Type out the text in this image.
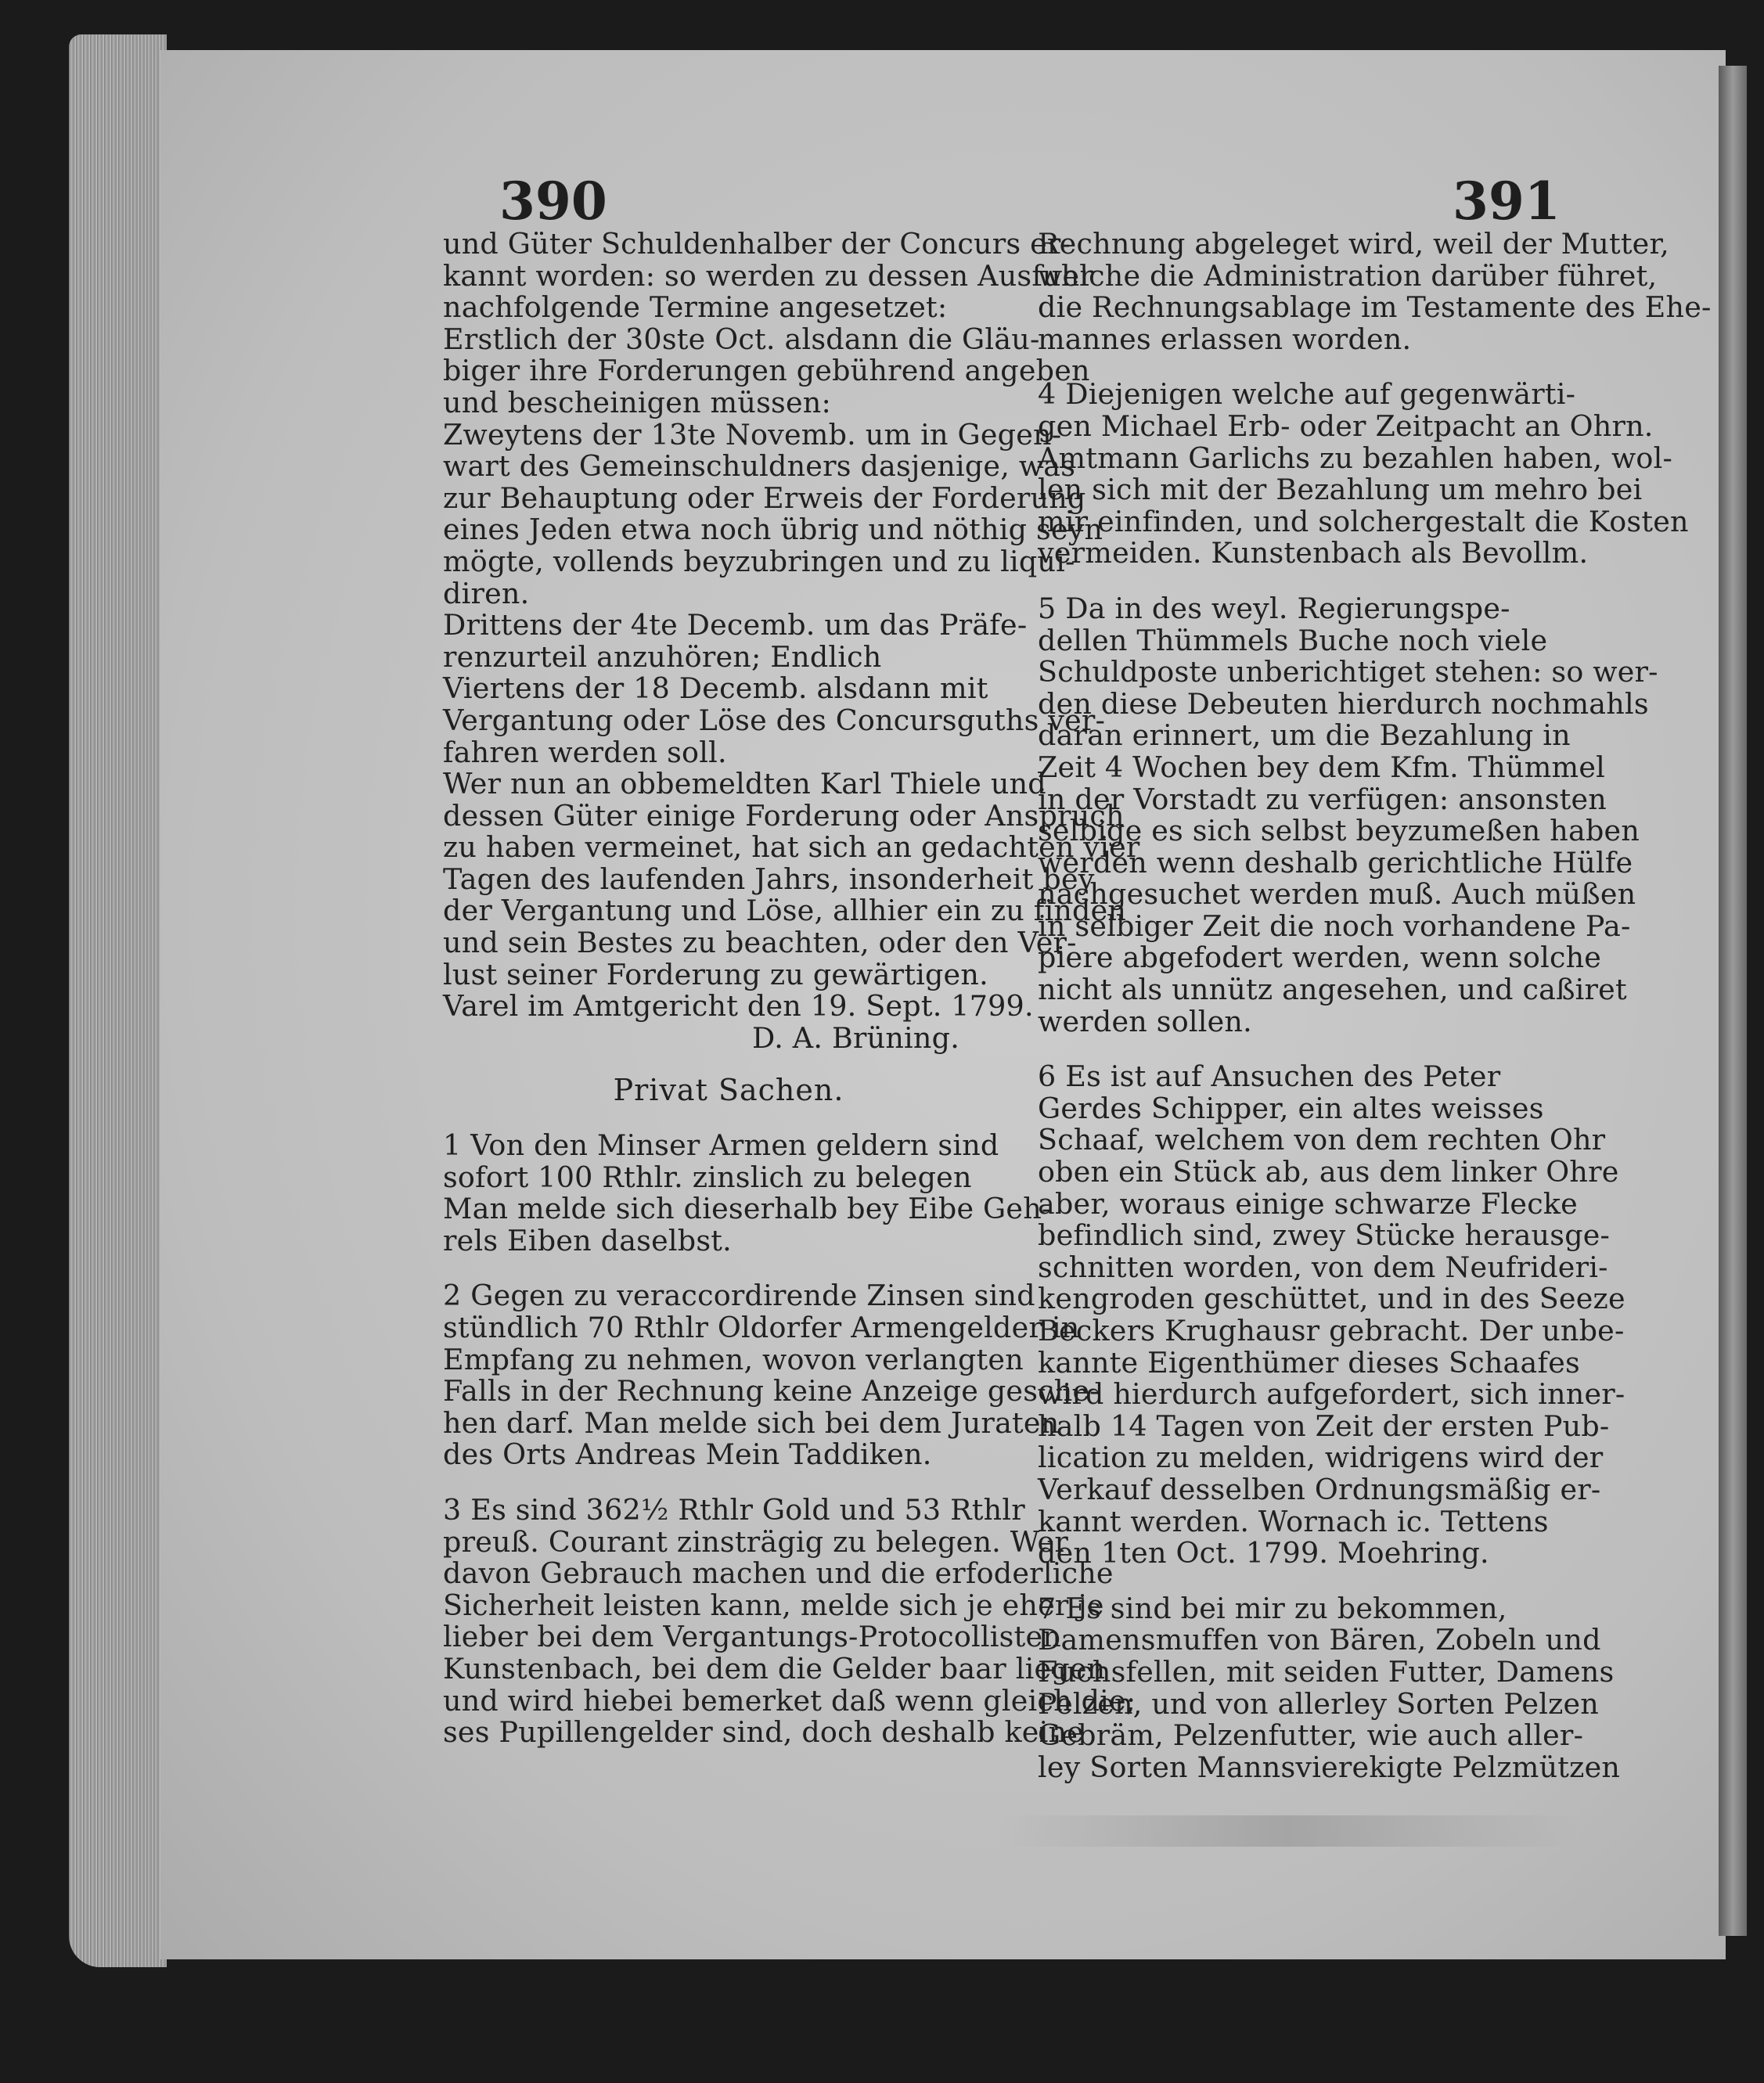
390	391
und Güter Schuldenhalber der Concurs er-
kannt worden: so werden zu dessen Ausfuhr
nachfolgende Termine angesetzet:
Erstlich der 30ste Oct. alsdann die Gläu-
biger ihre Forderungen gebührend angeben
und bescheinigen müssen:
Zweytens der 13te Novemb. um in Gegen-
wart des Gemeinschuldners dasjenige, was
zur Behauptung oder Erweis der Forderung
eines Jeden etwa noch übrig und nöthig seyn
mögte, vollends beyzubringen und zu liqui-
diren.
Drittens der 4te Decemb. um das Präfe-
renzurteil anzuhören; Endlich
Viertens der 18 Decemb. alsdann mit
Vergantung oder Löse des Concursguths ver-
fahren werden soll.
Wer nun an obbemeldten Karl Thiele und
dessen Güter einige Forderung oder Anspruch
zu haben vermeinet, hat sich an gedachten vier
Tagen des laufenden Jahrs, insonderheit bey
der Vergantung und Löse, allhier ein zu finden
und sein Bestes zu beachten, oder den Ver-
lust seiner Forderung zu gewärtigen.
Varel im Amtgericht den 19. Sept. 1799.
D. A. Brüning.
Privat Sachen.
1 Von den Minser Armen geldern sind
sofort 100 Rthlr. zinslich zu belegen
Man melde sich dieserhalb bey Eibe Geh-
rels Eiben daselbst.
2 Gegen zu veraccordirende Zinsen sind
stündlich 70 Rthlr Oldorfer Armengelder in
Empfang zu nehmen, wovon verlangten
Falls in der Rechnung keine Anzeige gesche-
hen darf. Man melde sich bei dem Juraten
des Orts Andreas Mein Taddiken.
3 Es sind 362½ Rthlr Gold und 53 Rthlr
preuß. Courant zinsträgig zu belegen. Wer
davon Gebrauch machen und die erfoderliche
Sicherheit leisten kann, melde sich je eher je
lieber bei dem Vergantungs-Protocollisten
Kunstenbach, bei dem die Gelder baar liegen
und wird hiebei bemerket daß wenn gleich die;
ses Pupillengelder sind, doch deshalb keine
Rechnung abgeleget wird, weil der Mutter,
welche die Administration darüber führet,
die Rechnungsablage im Testamente des Ehe-
mannes erlassen worden.
4 Diejenigen welche auf gegenwärti-
gen Michael Erb- oder Zeitpacht an Ohrn.
Amtmann Garlichs zu bezahlen haben, wol-
len sich mit der Bezahlung um mehro bei
mir einfinden, und solchergestalt die Kosten
vermeiden. Kunstenbach als Bevollm.
5 Da in des weyl. Regierungspe-
dellen Thümmels Buche noch viele
Schuldposte unberichtiget stehen: so wer-
den diese Debeuten hierdurch nochmahls
daran erinnert, um die Bezahlung in
Zeit 4 Wochen bey dem Kfm. Thümmel
in der Vorstadt zu verfügen: ansonsten
selbige es sich selbst beyzumeßen haben
werden wenn deshalb gerichtliche Hülfe
nachgesuchet werden muß. Auch müßen
in selbiger Zeit die noch vorhandene Pa-
piere abgefodert werden, wenn solche
nicht als unnütz angesehen, und caßiret
werden sollen.
6 Es ist auf Ansuchen des Peter
Gerdes Schipper, ein altes weisses
Schaaf, welchem von dem rechten Ohr
oben ein Stück ab, aus dem linker Ohre
aber, woraus einige schwarze Flecke
befindlich sind, zwey Stücke herausge-
schnitten worden, von dem Neufrideri-
kengroden geschüttet, und in des Seeze
Beckers Krughausr gebracht. Der unbe-
kannte Eigenthümer dieses Schaafes
wird hierdurch aufgefordert, sich inner-
halb 14 Tagen von Zeit der ersten Pub-
lication zu melden, widrigens wird der
Verkauf desselben Ordnungsmäßig er-
kannt werden. Wornach ic. Tettens
den 1ten Oct. 1799. Moehring.
7 Es sind bei mir zu bekommen,
Damensmuffen von Bären, Zobeln und
Fuchsfellen, mit seiden Futter, Damens
Pelzen, und von allerley Sorten Pelzen
Gebräm, Pelzenfutter, wie auch aller-
ley Sorten Mannsvierekigte Pelzmützen
